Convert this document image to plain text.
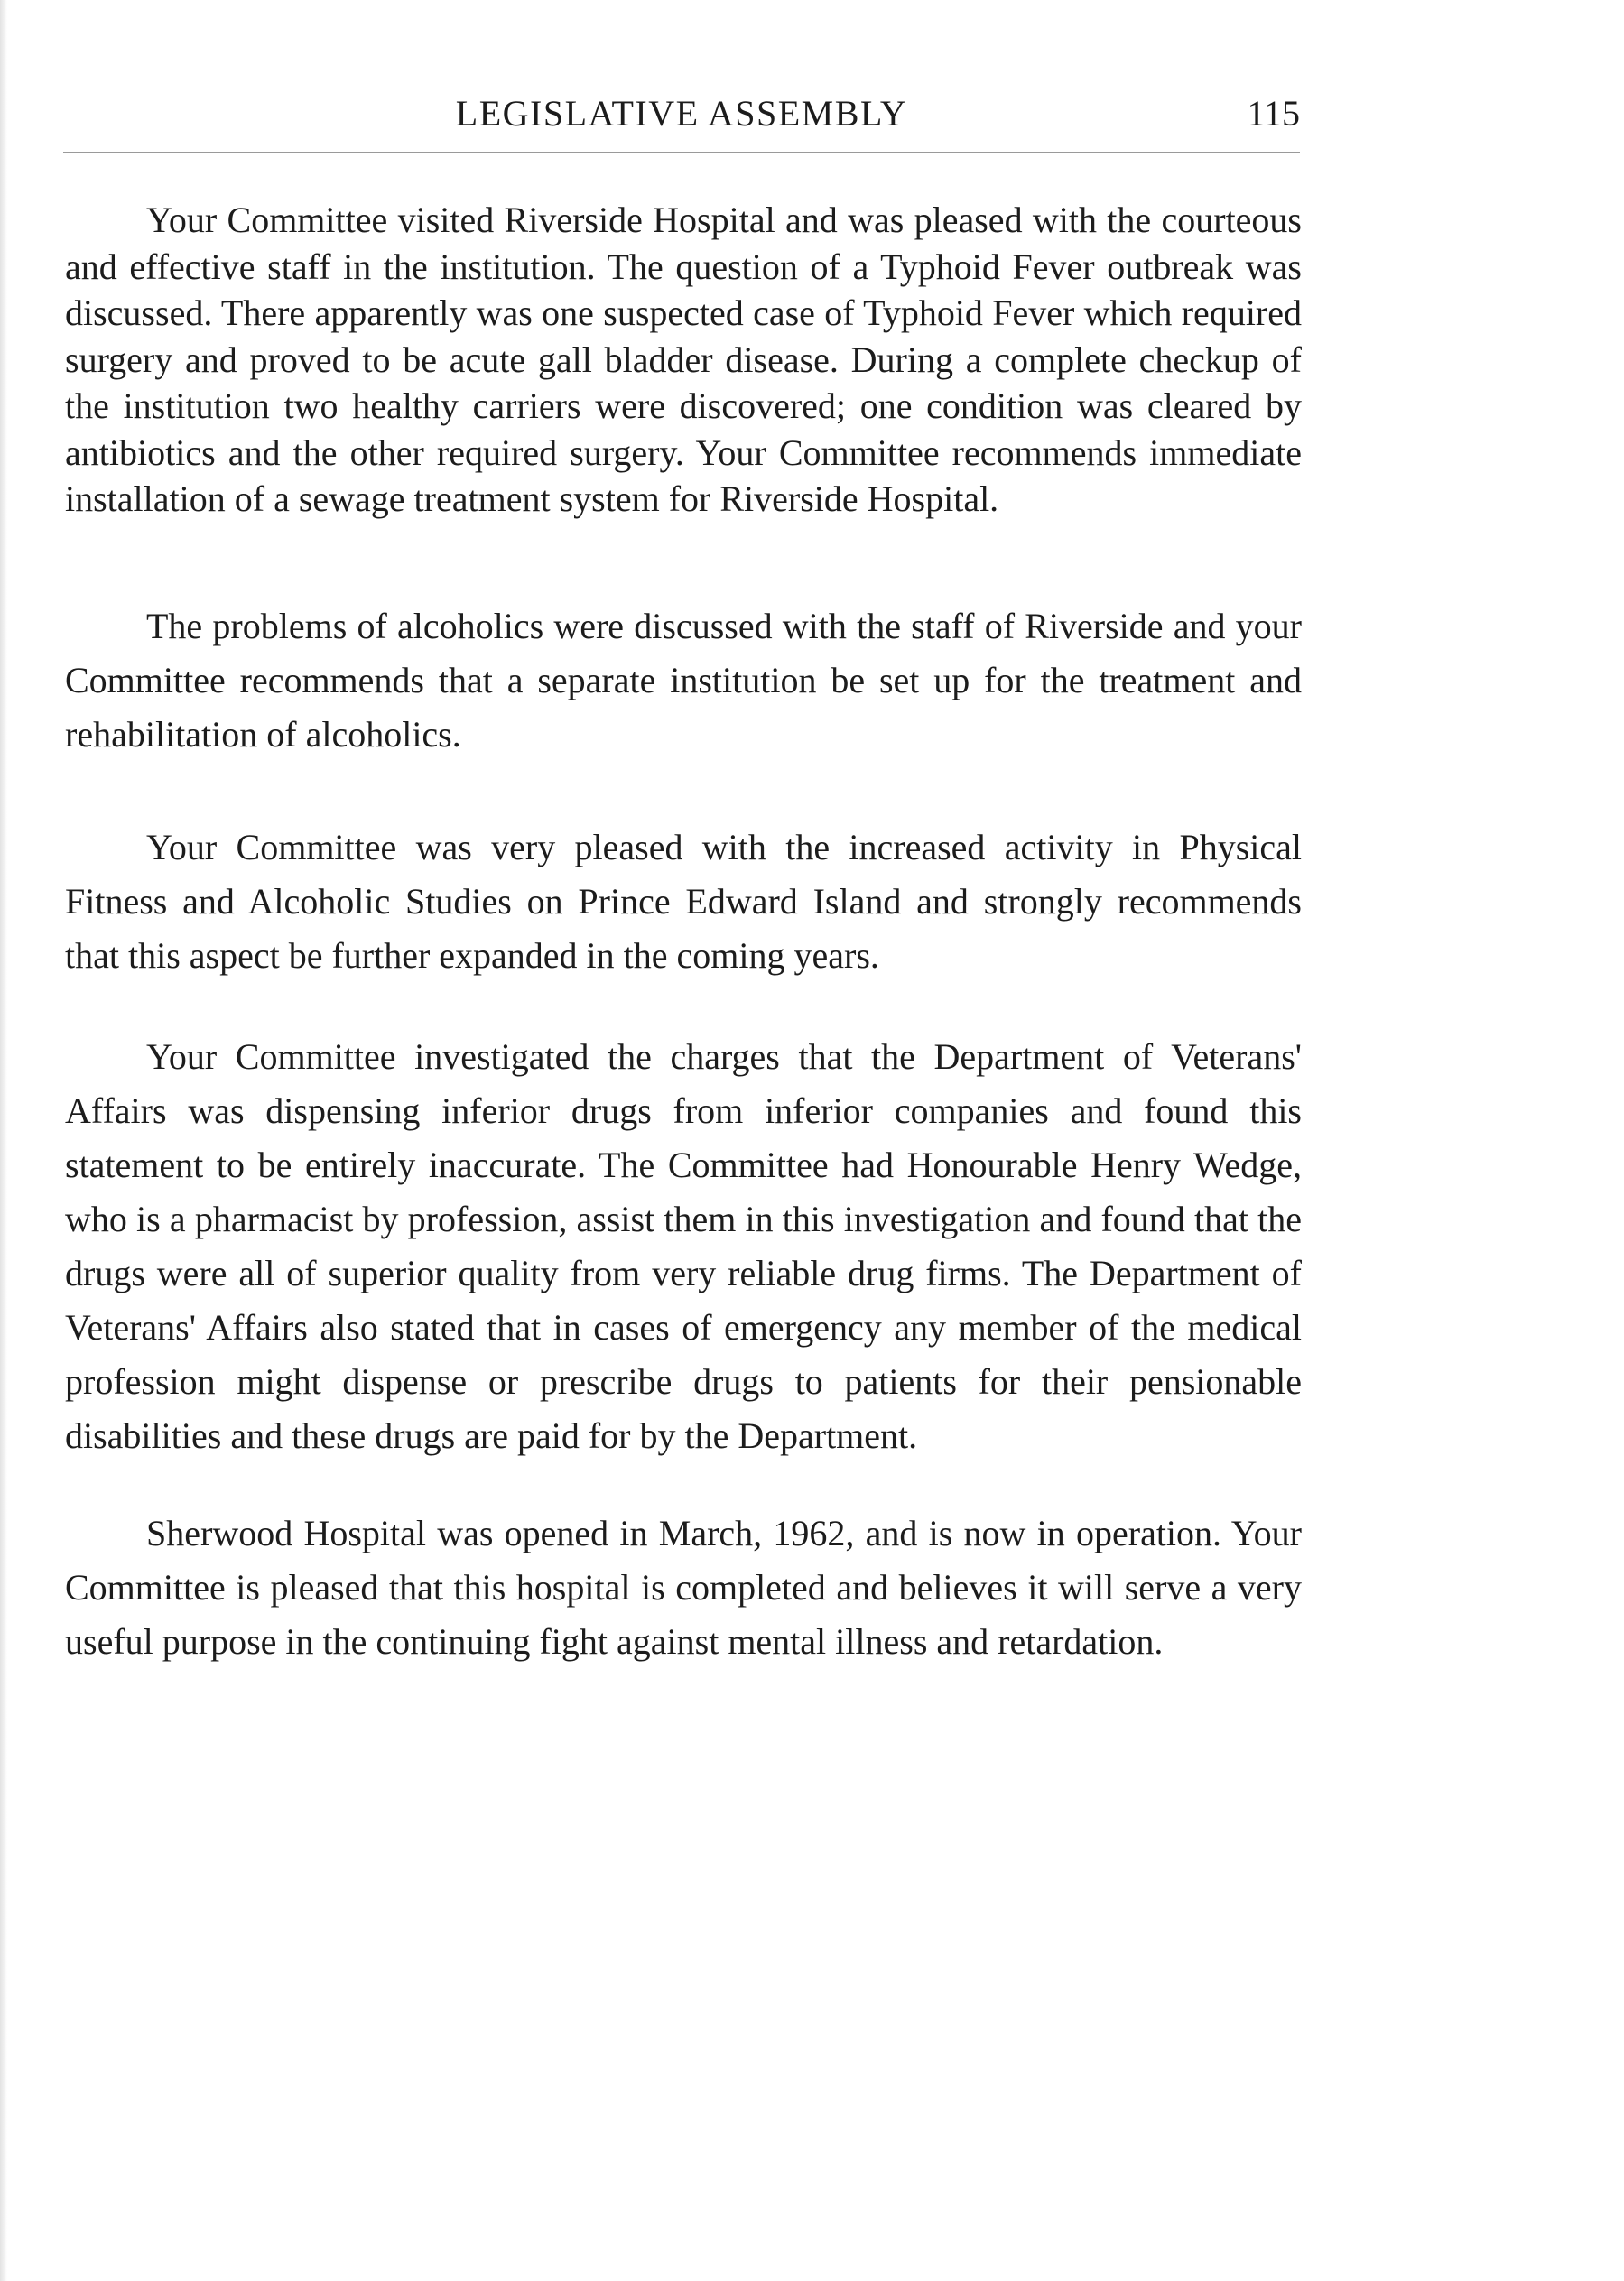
LEGISLATIVE ASSEMBLY	115

Your Committee visited Riverside Hospital and was pleased with the courteous and effective staff in the institution. The question of a Typhoid Fever outbreak was discussed. There apparently was one suspected case of Typhoid Fever which required surgery and proved to be acute gall bladder disease. During a complete checkup of the institution two healthy carriers were discovered; one condition was cleared by antibiotics and the other required surgery. Your Committee recommends immediate installation of a sewage treatment system for Riverside Hospital.

The problems of alcoholics were discussed with the staff of Riverside and your Committee recommends that a separate institution be set up for the treatment and rehabilitation of alcoholics.

Your Committee was very pleased with the increased activity in Physical Fitness and Alcoholic Studies on Prince Edward Island and strongly recommends that this aspect be further expanded in the coming years.

Your Committee investigated the charges that the Department of Veterans' Affairs was dispensing inferior drugs from inferior companies and found this statement to be entirely inaccurate. The Committee had Honourable Henry Wedge, who is a pharmacist by profession, assist them in this investigation and found that the drugs were all of superior quality from very reliable drug firms. The Department of Veterans' Affairs also stated that in cases of emergency any member of the medical profession might dispense or prescribe drugs to patients for their pensionable disabilities and these drugs are paid for by the Department.

Sherwood Hospital was opened in March, 1962, and is now in operation. Your Committee is pleased that this hospital is completed and believes it will serve a very useful purpose in the continuing fight against mental illness and retardation.
